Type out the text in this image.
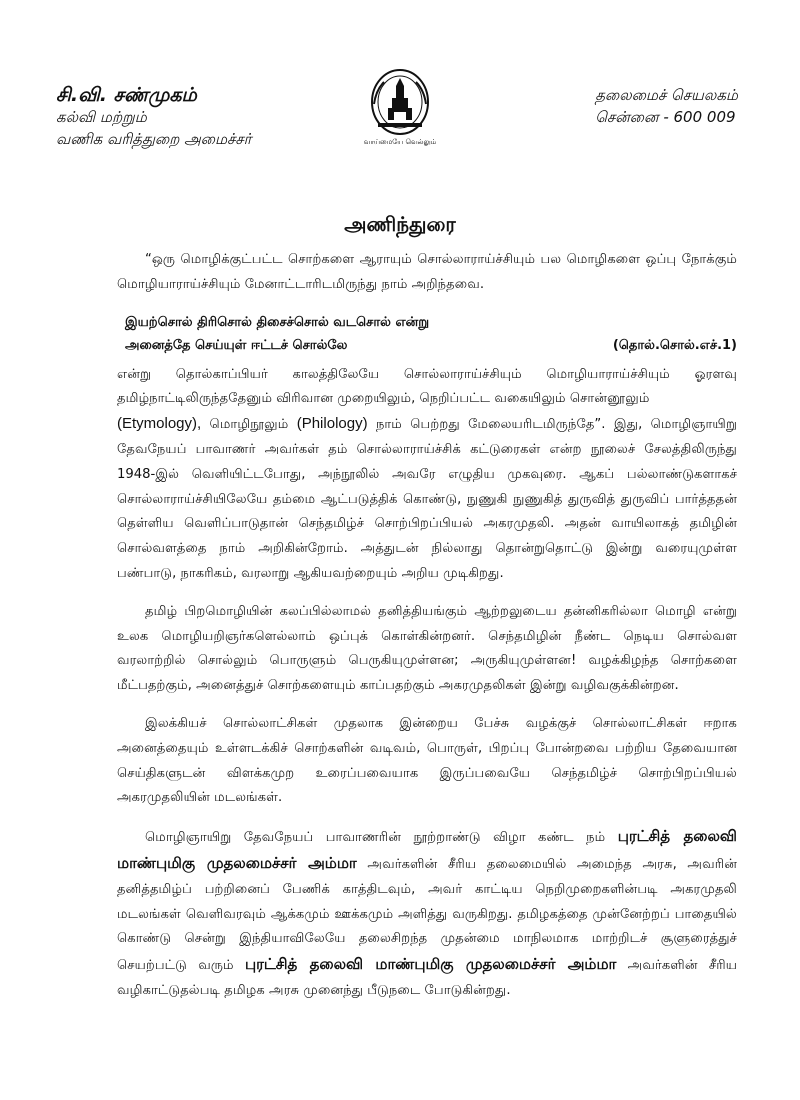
சி.வி. சண்முகம்
கல்வி மற்றும்
வணிக வரித்துறை அமைச்சர்	வாய்மையே வெல்லும்
தலைமைச் செயலகம்
சென்னை - 600 009
அணிந்துரை

“ஒரு மொழிக்குட்பட்ட சொற்களை ஆராயும் சொல்லாராய்ச்சியும் பல மொழிகளை ஒப்பு நோக்கும் மொழியாராய்ச்சியும் மேனாட்டாரிடமிருந்து நாம் அறிந்தவை.

இயற்சொல் திரிசொல் திசைச்சொல் வடசொல் என்று
அனைத்தே செய்யுள் ஈட்டச் சொல்லே	(தொல்.சொல்.எச்.1)

என்று தொல்காப்பியர் காலத்திலேயே சொல்லாராய்ச்சியும் மொழியாராய்ச்சியும் ஓரளவு தமிழ்நாட்டிலிருந்ததேனும் விரிவான முறையிலும், நெறிப்பட்ட வகையிலும் சொன்னூலும்
(Etymology), மொழிநூலும் (Philology) நாம் பெற்றது மேலையரிடமிருந்தே”. இது, மொழிஞாயிறு தேவநேயப் பாவாணர் அவர்கள் தம் சொல்லாராய்ச்சிக் கட்டுரைகள் என்ற நூலைச் சேலத்திலிருந்து 1948-இல் வெளியிட்டபோது, அந்நூலில் அவரே எழுதிய முகவுரை. ஆகப் பல்லாண்டுகளாகச் சொல்லாராய்ச்சியிலேயே தம்மை ஆட்படுத்திக் கொண்டு, நுணுகி நுணுகித் துருவித் துருவிப் பார்த்ததன் தெள்ளிய வெளிப்பாடுதான் செந்தமிழ்ச் சொற்பிறப்பியல் அகரமுதலி. அதன் வாயிலாகத் தமிழின் சொல்வளத்தை நாம் அறிகின்றோம். அத்துடன் நில்லாது தொன்றுதொட்டு இன்று வரையுமுள்ள பண்பாடு, நாகரிகம், வரலாறு ஆகியவற்றையும் அறிய முடிகிறது.

தமிழ் பிறமொழியின் கலப்பில்லாமல் தனித்தியங்கும் ஆற்றலுடைய தன்னிகரில்லா மொழி என்று உலக மொழியறிஞர்களெல்லாம் ஒப்புக் கொள்கின்றனர். செந்தமிழின் நீண்ட நெடிய சொல்வள வரலாற்றில் சொல்லும் பொருளும் பெருகியுமுள்ளன; அருகியுமுள்ளன! வழக்கிழந்த சொற்களை மீட்பதற்கும், அனைத்துச் சொற்களையும் காப்பதற்கும் அகரமுதலிகள் இன்று வழிவகுக்கின்றன.

இலக்கியச் சொல்லாட்சிகள் முதலாக இன்றைய பேச்சு வழக்குச் சொல்லாட்சிகள் ஈறாக அனைத்தையும் உள்ளடக்கிச் சொற்களின் வடிவம், பொருள், பிறப்பு போன்றவை பற்றிய தேவையான செய்திகளுடன் விளக்கமுற உரைப்பவையாக இருப்பவையே செந்தமிழ்ச் சொற்பிறப்பியல் அகரமுதலியின் மடலங்கள்.

மொழிஞாயிறு தேவநேயப் பாவாணரின் நூற்றாண்டு விழா கண்ட நம் புரட்சித் தலைவி மாண்புமிகு முதலமைச்சர் அம்மா அவர்களின் சீரிய தலைமையில் அமைந்த அரசு, அவரின் தனித்தமிழ்ப் பற்றினைப் பேணிக் காத்திடவும், அவர் காட்டிய நெறிமுறைகளின்படி அகரமுதலி மடலங்கள் வெளிவரவும் ஆக்கமும் ஊக்கமும் அளித்து வருகிறது. தமிழகத்தை முன்னேற்றப் பாதையில் கொண்டு சென்று இந்தியாவிலேயே தலைசிறந்த முதன்மை மாநிலமாக மாற்றிடச் சூளுரைத்துச் செயற்பட்டு வரும் புரட்சித் தலைவி மாண்புமிகு முதலமைச்சர் அம்மா அவர்களின் சீரிய வழிகாட்டுதல்படி தமிழக அரசு முனைந்து பீடுநடை போடுகின்றது.
